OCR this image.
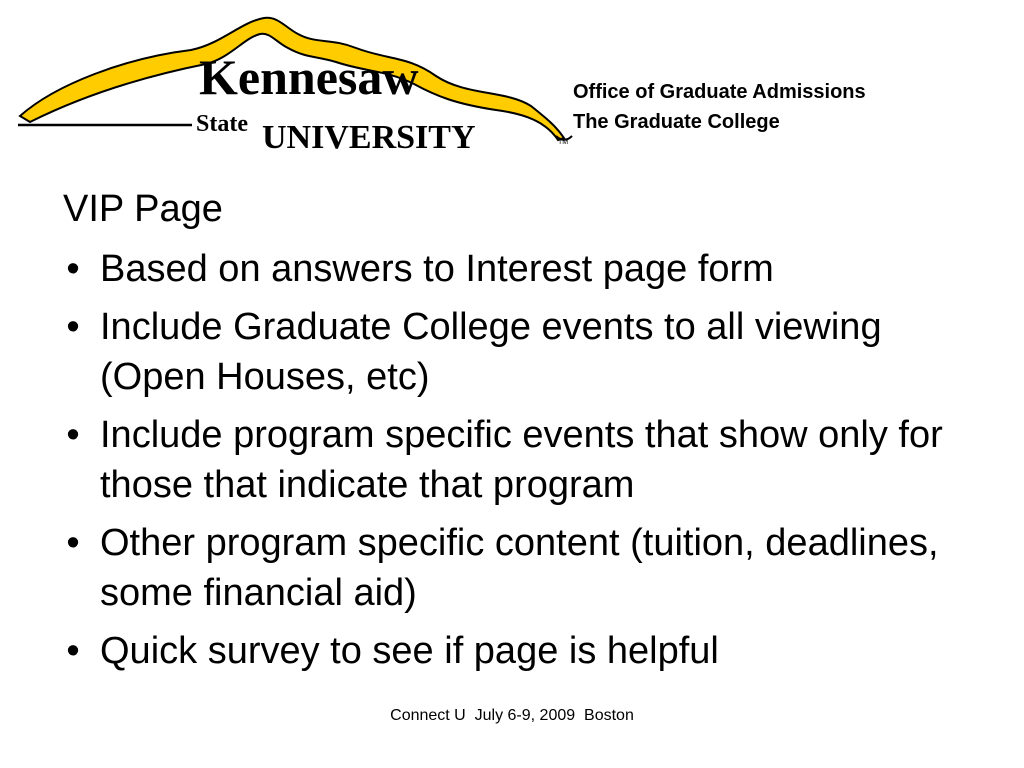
Kennesaw
State UNIVERSITY	TM
Office of Graduate Admissions
The Graduate College
VIP Page
• Based on answers to Interest page form
• Include Graduate College events to all viewing (Open Houses, etc)
• Include program specific events that show only for those that indicate that program
• Other program specific content (tuition, deadlines, some financial aid)
• Quick survey to see if page is helpful
Connect U  July 6-9, 2009  Boston
